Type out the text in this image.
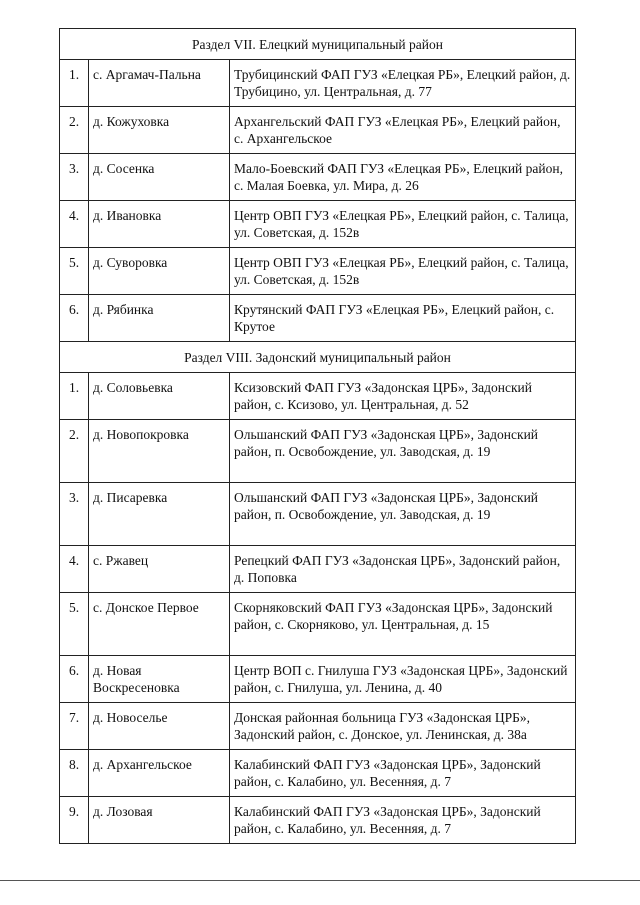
Раздел VII. Елецкий муниципальный район		
1.	с. Аргамач-Пальна	Трубицинский ФАП ГУЗ «Елецкая РБ», Елецкий район, д. Трубицино, ул. Центральная, д. 77
2.	д. Кожуховка	Архангельский ФАП ГУЗ «Елецкая РБ», Елецкий район, с. Архангельское
3.	д. Сосенка	Мало-Боевский ФАП ГУЗ «Елецкая РБ», Елецкий район, с. Малая Боевка, ул. Мира, д. 26
4.	д. Ивановка	Центр ОВП ГУЗ «Елецкая РБ», Елецкий район, с. Талица, ул. Советская, д. 152в
5.	д. Суворовка	Центр ОВП ГУЗ «Елецкая РБ», Елецкий район, с. Талица, ул. Советская, д. 152в
6.	д. Рябинка	Крутянский ФАП ГУЗ «Елецкая РБ», Елецкий район, с. Крутое
Раздел VIII. Задонский муниципальный район		
1.	д. Соловьевка	Ксизовский ФАП ГУЗ «Задонская ЦРБ», Задонский район, с. Ксизово, ул. Центральная, д. 52
2.	д. Новопокровка	Ольшанский ФАП ГУЗ «Задонская ЦРБ», Задонский район, п. Освобождение, ул. Заводская, д. 19
3.	д. Писаревка	Ольшанский ФАП ГУЗ «Задонская ЦРБ», Задонский район, п. Освобождение, ул. Заводская, д. 19
4.	с. Ржавец	Репецкий ФАП ГУЗ «Задонская ЦРБ», Задонский район, д. Поповка
5.	с. Донское Первое	Скорняковский ФАП ГУЗ «Задонская ЦРБ», Задонский район, с. Скорняково, ул. Центральная, д. 15
6.	д. Новая Воскресеновка	Центр ВОП с. Гнилуша ГУЗ «Задонская ЦРБ», Задонский район, с. Гнилуша, ул. Ленина, д. 40
7.	д. Новоселье	Донская районная больница ГУЗ «Задонская ЦРБ», Задонский район, с. Донское, ул. Ленинская, д. 38а
8.	д. Архангельское	Калабинский ФАП ГУЗ «Задонская ЦРБ», Задонский район, с. Калабино, ул. Весенняя, д. 7
9.	д. Лозовая	Калабинский ФАП ГУЗ «Задонская ЦРБ», Задонский район, с. Калабино, ул. Весенняя, д. 7
